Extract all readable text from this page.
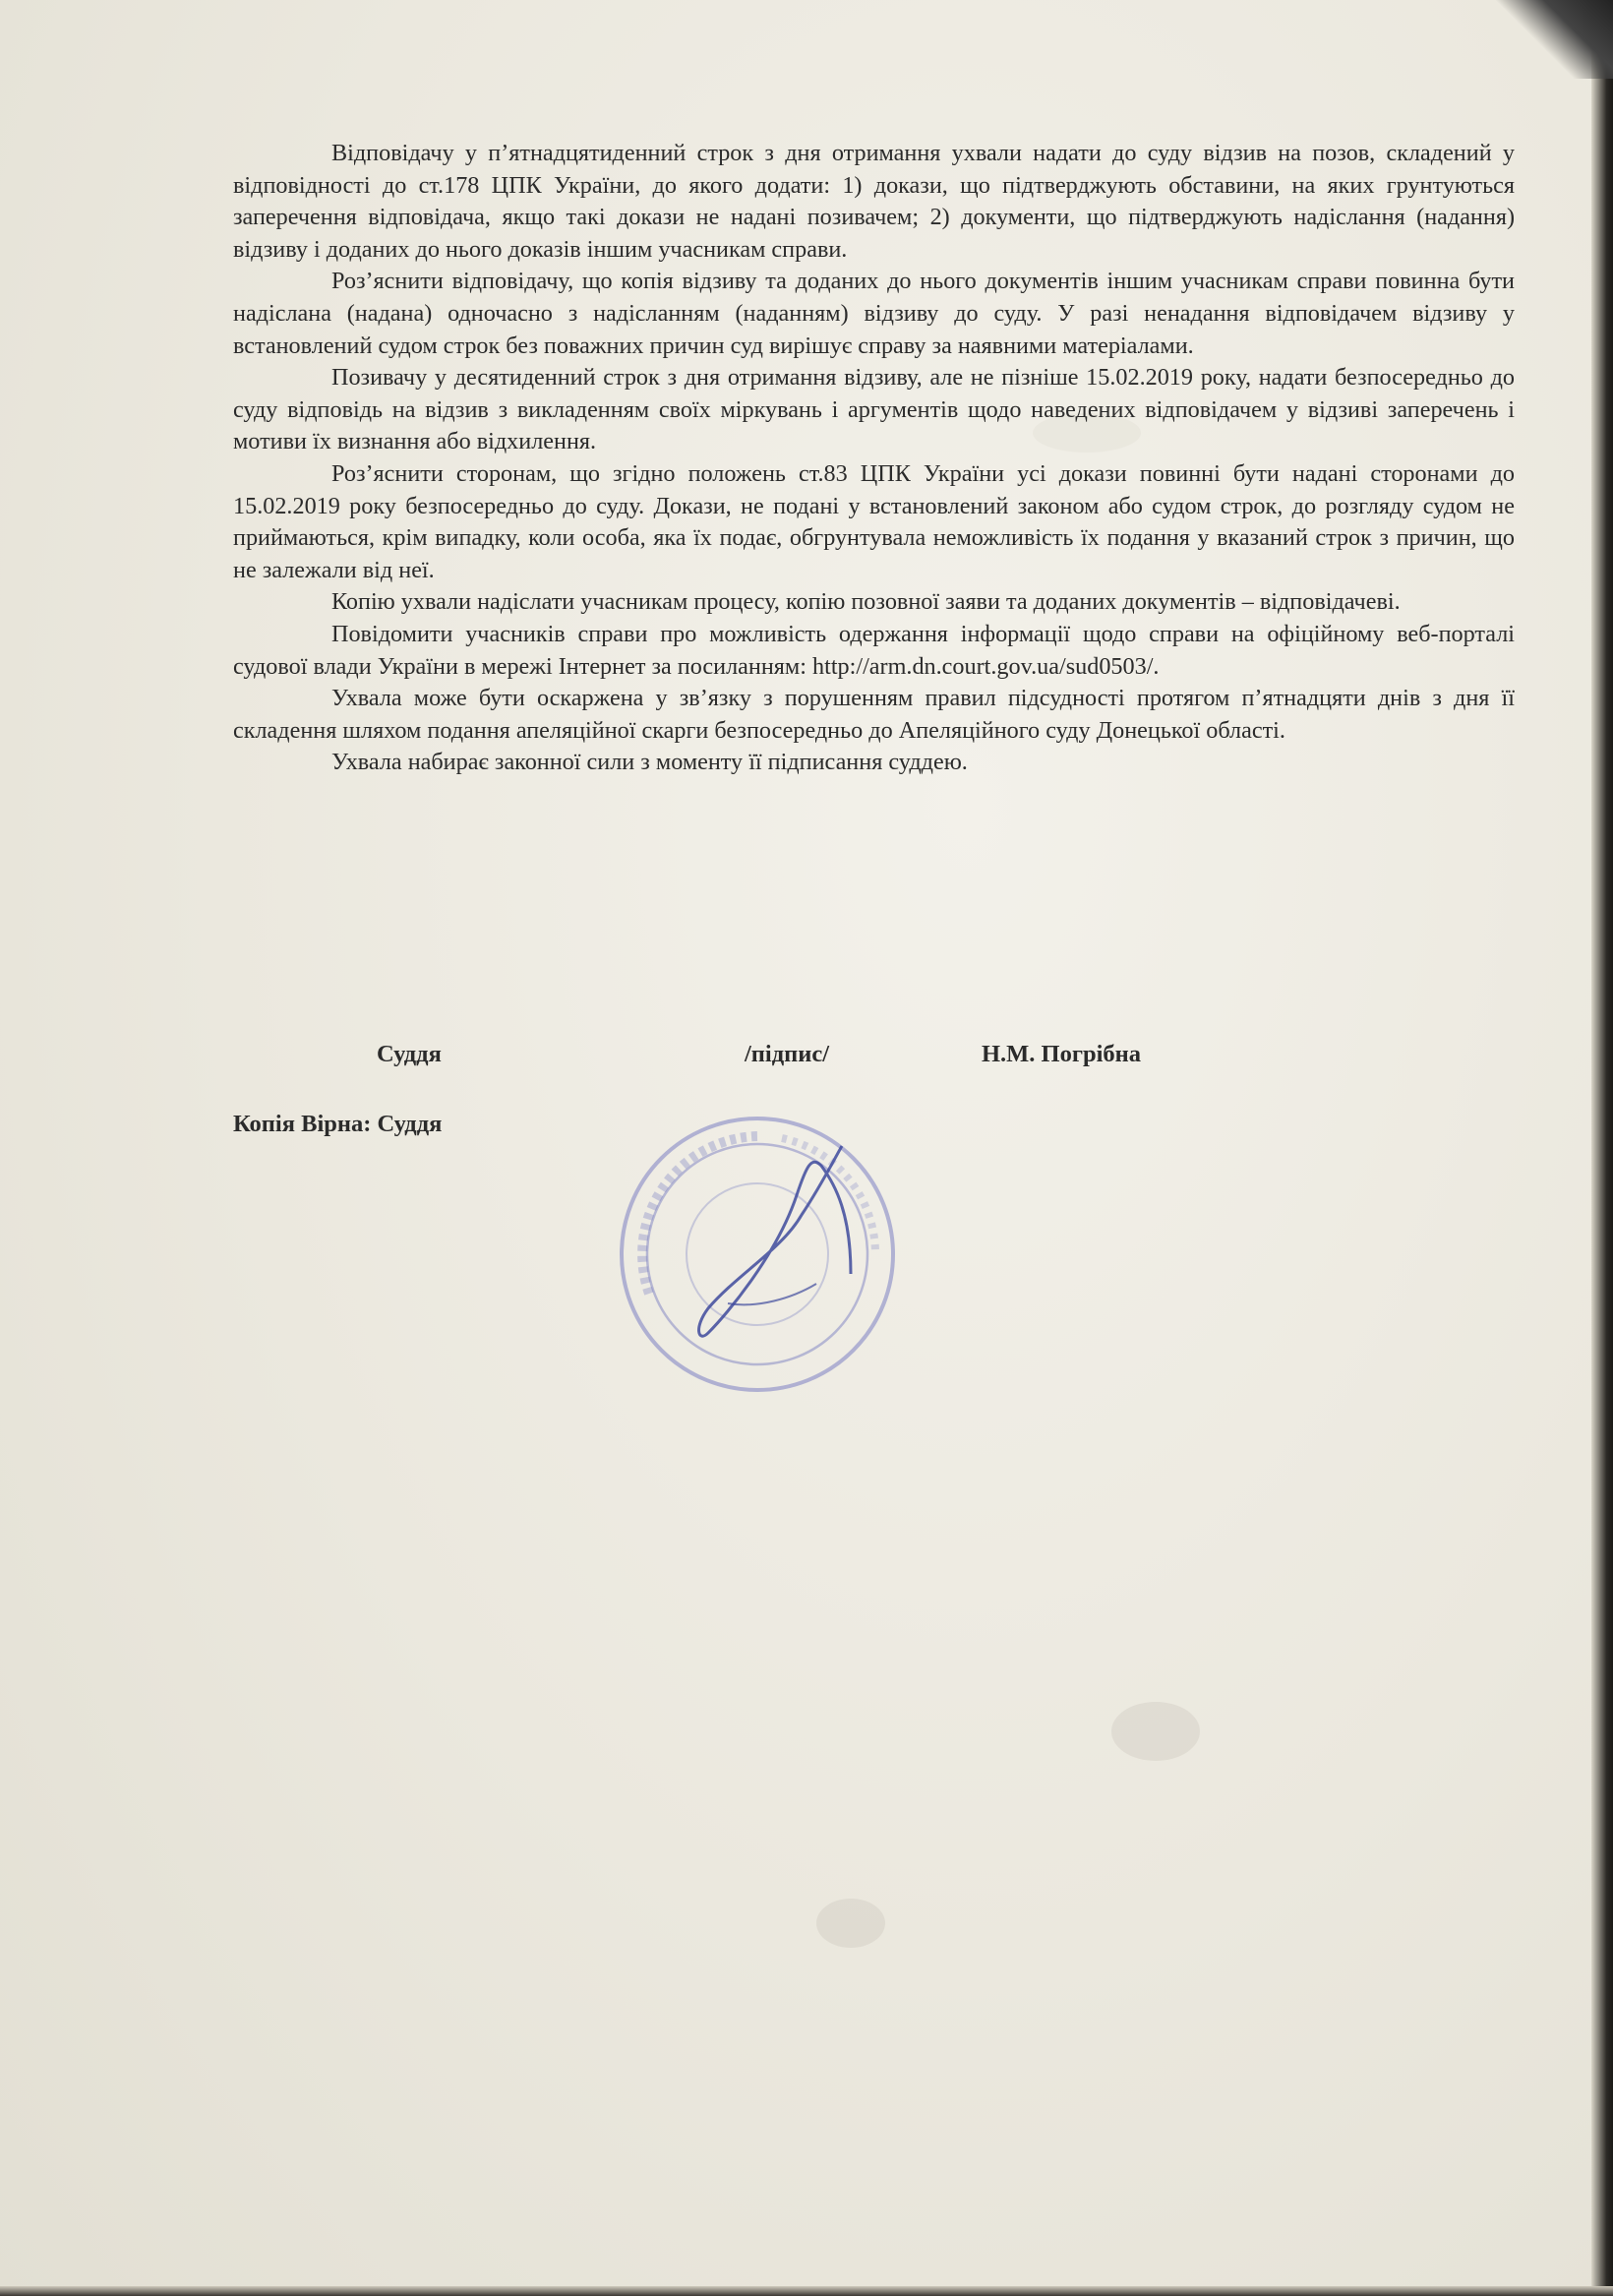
Відповідачу у п’ятнадцятиденний строк з дня отримання ухвали надати до суду відзив на позов, складений у відповідності до ст.178 ЦПК України, до якого додати: 1) докази, що підтверджують обставини, на яких грунтуються заперечення відповідача, якщо такі докази не надані позивачем; 2) документи, що підтверджують надіслання (надання) відзиву і доданих до нього доказів іншим учасникам справи.

Роз’яснити відповідачу, що копія відзиву та доданих до нього документів іншим учасникам справи повинна бути надіслана (надана) одночасно з надісланням (наданням) відзиву до суду. У разі ненадання відповідачем відзиву у встановлений судом строк без поважних причин суд вирішує справу за наявними матеріалами.

Позивачу у десятиденний строк з дня отримання відзиву, але не пізніше 15.02.2019 року, надати безпосередньо до суду відповідь на відзив з викладенням своїх міркувань і аргументів щодо наведених відповідачем у відзиві заперечень і мотиви їх визнання або відхилення.

Роз’яснити сторонам, що згідно положень ст.83 ЦПК України усі докази повинні бути надані сторонами до 15.02.2019 року безпосередньо до суду. Докази, не подані у встановлений законом або судом строк, до розгляду судом не приймаються, крім випадку, коли особа, яка їх подає, обгрунтувала неможливість їх подання у вказаний строк з причин, що не залежали від неї.

Копію ухвали надіслати учасникам процесу, копію позовної заяви та доданих документів – відповідачеві.

Повідомити учасників справи про можливість одержання інформації щодо справи на офіційному веб-порталі судової влади України в мережі Інтернет за посиланням: http://arm.dn.court.gov.ua/sud0503/.

Ухвала може бути оскаржена у зв’язку з порушенням правил підсудності протягом п’ятнадцяти днів з дня її складення шляхом подання апеляційної скарги безпосередньо до Апеляційного суду Донецької області.

Ухвала набирає законної сили з моменту її підписання суддею.

Суддя	/підпис/	Н.М. Погрібна
Копія Вірна: Суддя
